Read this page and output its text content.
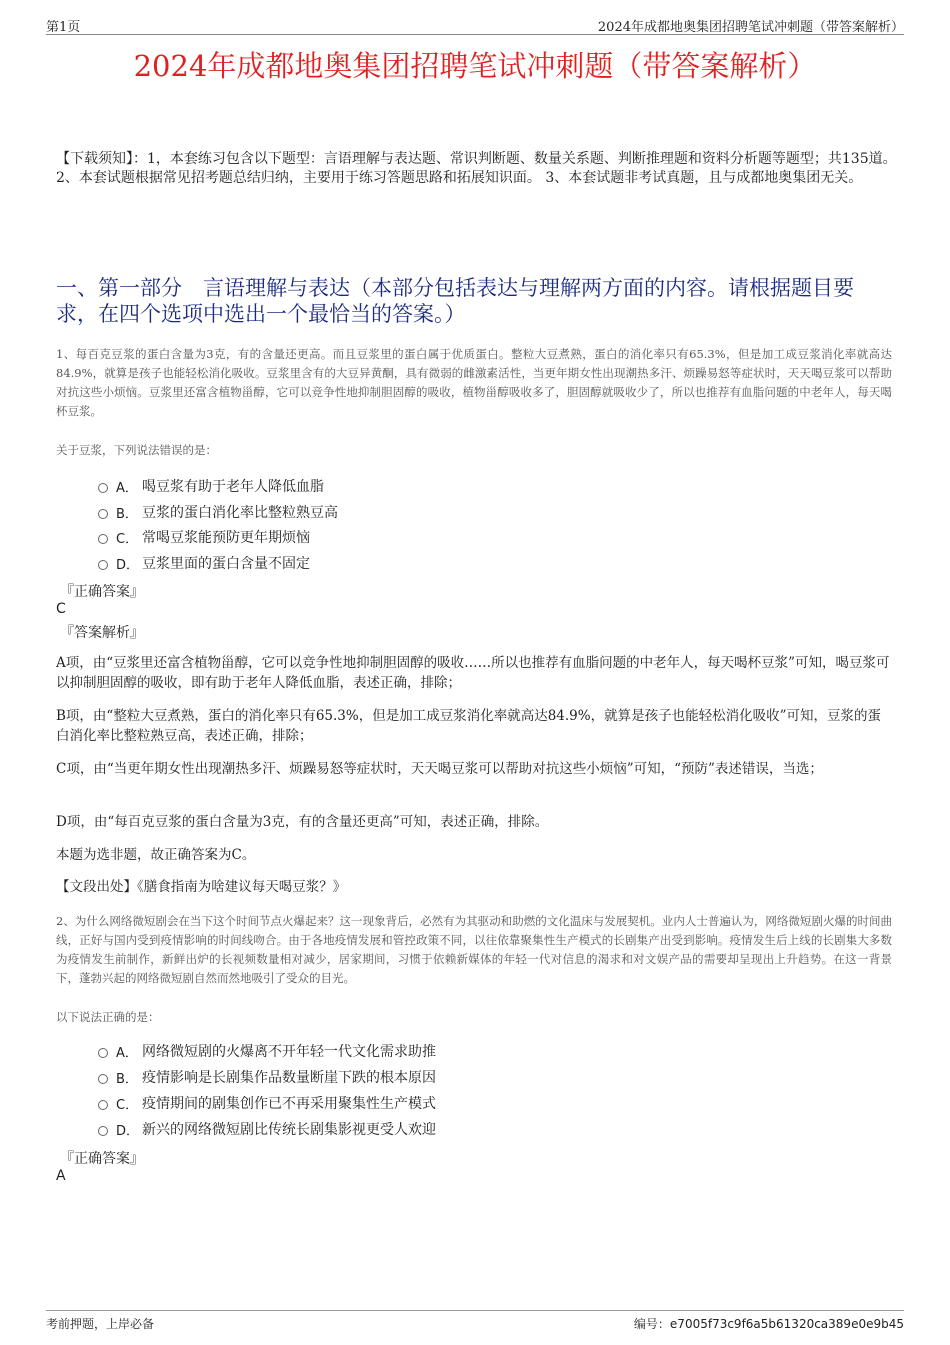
第1页	2024年成都地奥集团招聘笔试冲刺题（带答案解析）
2024年成都地奥集团招聘笔试冲刺题（带答案解析）
【下载须知】：1，本套练习包含以下题型：言语理解与表达题、常识判断题、数量关系题、判断推理题和资料分析题等题型；共135道。 2、本套试题根据常见招考题总结归纳，主要用于练习答题思路和拓展知识面。 3、本套试题非考试真题，且与成都地奥集团无关。
一、第一部分　言语理解与表达（本部分包括表达与理解两方面的内容。请根据题目要求，在四个选项中选出一个最恰当的答案。）
1、每百克豆浆的蛋白含量为3克，有的含量还更高。而且豆浆里的蛋白属于优质蛋白。整粒大豆煮熟，蛋白的消化率只有65.3%，但是加工成豆浆消化率就高达84.9%，就算是孩子也能轻松消化吸收。豆浆里含有的大豆异黄酮，具有微弱的雌激素活性，当更年期女性出现潮热多汗、烦躁易怒等症状时，天天喝豆浆可以帮助对抗这些小烦恼。豆浆里还富含植物甾醇，它可以竞争性地抑制胆固醇的吸收，植物甾醇吸收多了，胆固醇就吸收少了，所以也推荐有血脂问题的中老年人，每天喝杯豆浆。
关于豆浆，下列说法错误的是：
A． 喝豆浆有助于老年人降低血脂
B． 豆浆的蛋白消化率比整粒熟豆高
C． 常喝豆浆能预防更年期烦恼
D． 豆浆里面的蛋白含量不固定
『正确答案』
C
『答案解析』
A项，由“豆浆里还富含植物甾醇，它可以竞争性地抑制胆固醇的吸收……所以也推荐有血脂问题的中老年人，每天喝杯豆浆”可知，喝豆浆可以抑制胆固醇的吸收，即有助于老年人降低血脂，表述正确，排除；
B项，由“整粒大豆煮熟，蛋白的消化率只有65.3%，但是加工成豆浆消化率就高达84.9%，就算是孩子也能轻松消化吸收”可知，豆浆的蛋白消化率比整粒熟豆高，表述正确，排除；
C项，由“当更年期女性出现潮热多汗、烦躁易怒等症状时，天天喝豆浆可以帮助对抗这些小烦恼”可知，“预防”表述错误，当选；
D项，由“每百克豆浆的蛋白含量为3克，有的含量还更高”可知，表述正确，排除。
本题为选非题，故正确答案为C。
【文段出处】《膳食指南为啥建议每天喝豆浆？》
2、为什么网络微短剧会在当下这个时间节点火爆起来？这一现象背后，必然有为其驱动和助燃的文化温床与发展契机。业内人士普遍认为，网络微短剧火爆的时间曲线，正好与国内受到疫情影响的时间线吻合。由于各地疫情发展和管控政策不同，以往依靠聚集性生产模式的长剧集产出受到影响。疫情发生后上线的长剧集大多数为疫情发生前制作，新鲜出炉的长视频数量相对减少，居家期间，习惯于依赖新媒体的年轻一代对信息的渴求和对文娱产品的需要却呈现出上升趋势。在这一背景下，蓬勃兴起的网络微短剧自然而然地吸引了受众的目光。
以下说法正确的是：
A． 网络微短剧的火爆离不开年轻一代文化需求助推
B． 疫情影响是长剧集作品数量断崖下跌的根本原因
C． 疫情期间的剧集创作已不再采用聚集性生产模式
D． 新兴的网络微短剧比传统长剧集影视更受人欢迎
『正确答案』
A
考前押题，上岸必备	编号：e7005f73c9f6a5b61320ca389e0e9b45
